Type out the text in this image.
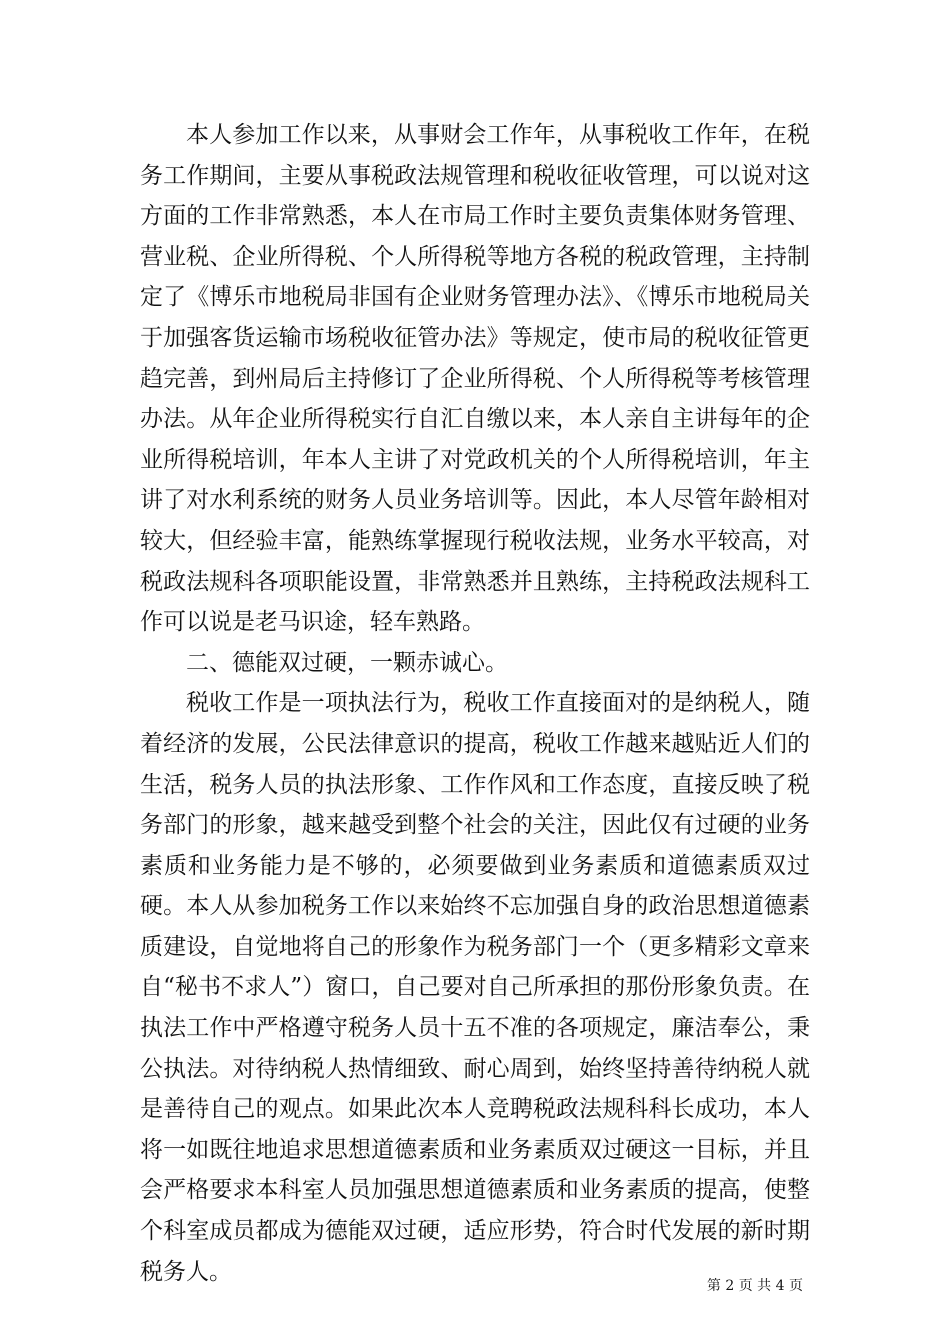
本人参加工作以来，从事财会工作年，从事税收工作年，在税务工作期间，主要从事税政法规管理和税收征收管理，可以说对这方面的工作非常熟悉，本人在市局工作时主要负责集体财务管理、营业税、企业所得税、个人所得税等地方各税的税政管理，主持制定了《博乐市地税局非国有企业财务管理办法》、《博乐市地税局关于加强客货运输市场税收征管办法》等规定，使市局的税收征管更趋完善，到州局后主持修订了企业所得税、个人所得税等考核管理办法。从年企业所得税实行自汇自缴以来，本人亲自主讲每年的企业所得税培训，年本人主讲了对党政机关的个人所得税培训，年主讲了对水利系统的财务人员业务培训等。因此，本人尽管年龄相对较大，但经验丰富，能熟练掌握现行税收法规，业务水平较高，对税政法规科各项职能设置，非常熟悉并且熟练，主持税政法规科工作可以说是老马识途，轻车熟路。

二、德能双过硬，一颗赤诚心。

税收工作是一项执法行为，税收工作直接面对的是纳税人，随着经济的发展，公民法律意识的提高，税收工作越来越贴近人们的生活，税务人员的执法形象、工作作风和工作态度，直接反映了税务部门的形象，越来越受到整个社会的关注，因此仅有过硬的业务素质和业务能力是不够的，必须要做到业务素质和道德素质双过硬。本人从参加税务工作以来始终不忘加强自身的政治思想道德素质建设，自觉地将自己的形象作为税务部门一个（更多精彩文章来自“秘书不求人”）窗口，自己要对自己所承担的那份形象负责。在执法工作中严格遵守税务人员十五不准的各项规定，廉洁奉公，秉公执法。对待纳税人热情细致、耐心周到，始终坚持善待纳税人就是善待自己的观点。如果此次本人竞聘税政法规科科长成功，本人将一如既往地追求思想道德素质和业务素质双过硬这一目标，并且会严格要求本科室人员加强思想道德素质和业务素质的提高，使整个科室成员都成为德能双过硬，适应形势，符合时代发展的新时期税务人。

第 2 页 共 4 页
